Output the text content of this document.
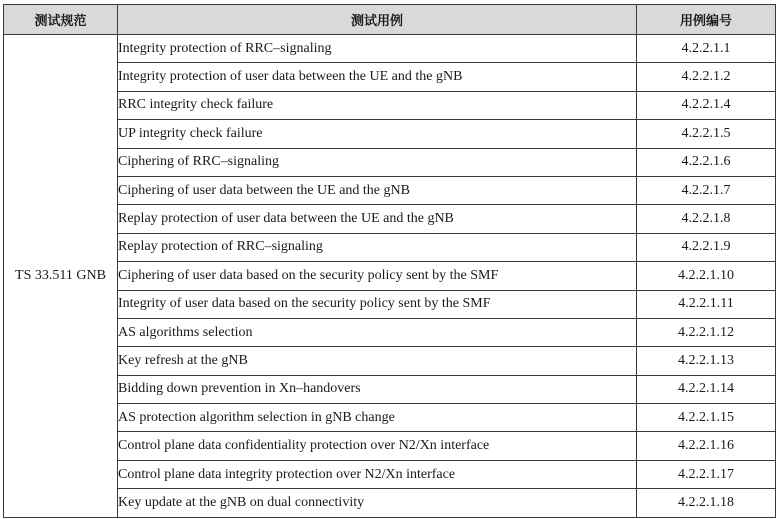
测试规范	测试用例	用例编号
TS 33.511 GNB	Integrity protection of RRC–signaling	4.2.2.1.1
	Integrity protection of user data between the UE and the gNB	4.2.2.1.2
	RRC integrity check failure	4.2.2.1.4
	UP integrity check failure	4.2.2.1.5
	Ciphering of RRC–signaling	4.2.2.1.6
	Ciphering of user data between the UE and the gNB	4.2.2.1.7
	Replay protection of user data between the UE and the gNB	4.2.2.1.8
	Replay protection of RRC–signaling	4.2.2.1.9
	Ciphering of user data based on the security policy sent by the SMF	4.2.2.1.10
	Integrity of user data based on the security policy sent by the SMF	4.2.2.1.11
	AS algorithms selection	4.2.2.1.12
	Key refresh at the gNB	4.2.2.1.13
	Bidding down prevention in Xn–handovers	4.2.2.1.14
	AS protection algorithm selection in gNB change	4.2.2.1.15
	Control plane data confidentiality protection over N2/Xn interface	4.2.2.1.16
	Control plane data integrity protection over N2/Xn interface	4.2.2.1.17
	Key update at the gNB on dual connectivity	4.2.2.1.18
